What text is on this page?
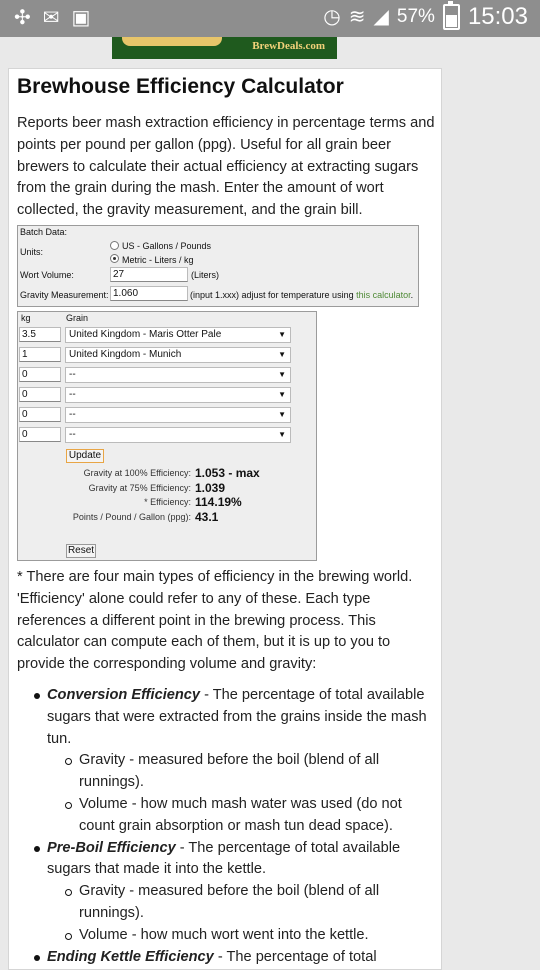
✣ ✉ ▣	◷ ≋ ◢ 57% 15:03
BrewDeals.com
Brewhouse Efficiency Calculator

Reports beer mash extraction efficiency in percentage terms and points per pound per gallon (ppg). Useful for all grain beer brewers to calculate their actual efficiency at extracting sugars from the grain during the mash. Enter the amount of wort collected, the gravity measurement, and the grain bill.

Batch Data:
Units:
US - Gallons / Pounds
Metric - Liters / kg
Wort Volume:	27	(Liters)
Gravity Measurement: 1.060	(input 1.xxx) adjust for temperature using this calculator.
kg	Grain
3.5	United Kingdom - Maris Otter Pale	▼
1	United Kingdom - Munich	▼
0	--	▼
0	--	▼
0	--	▼
0	--	▼
Update
Gravity at 100% Efficiency: 1.053 - max
Gravity at 75% Efficiency: 1.039
* Efficiency: 114.19%
Points / Pound / Gallon (ppg): 43.1
Reset

* There are four main types of efficiency in the brewing world. 'Efficiency' alone could refer to any of these. Each type references a different point in the brewing process. This calculator can compute each of them, but it is up to you to provide the corresponding volume and gravity:

Conversion Efficiency - The percentage of total available sugars that were extracted from the grains inside the mash tun.
Gravity - measured before the boil (blend of all runnings).
Volume - how much mash water was used (do not count grain absorption or mash tun dead space).
Pre-Boil Efficiency - The percentage of total available sugars that made it into the kettle.
Gravity - measured before the boil (blend of all runnings).
Volume - how much wort went into the kettle.
Ending Kettle Efficiency - The percentage of total
